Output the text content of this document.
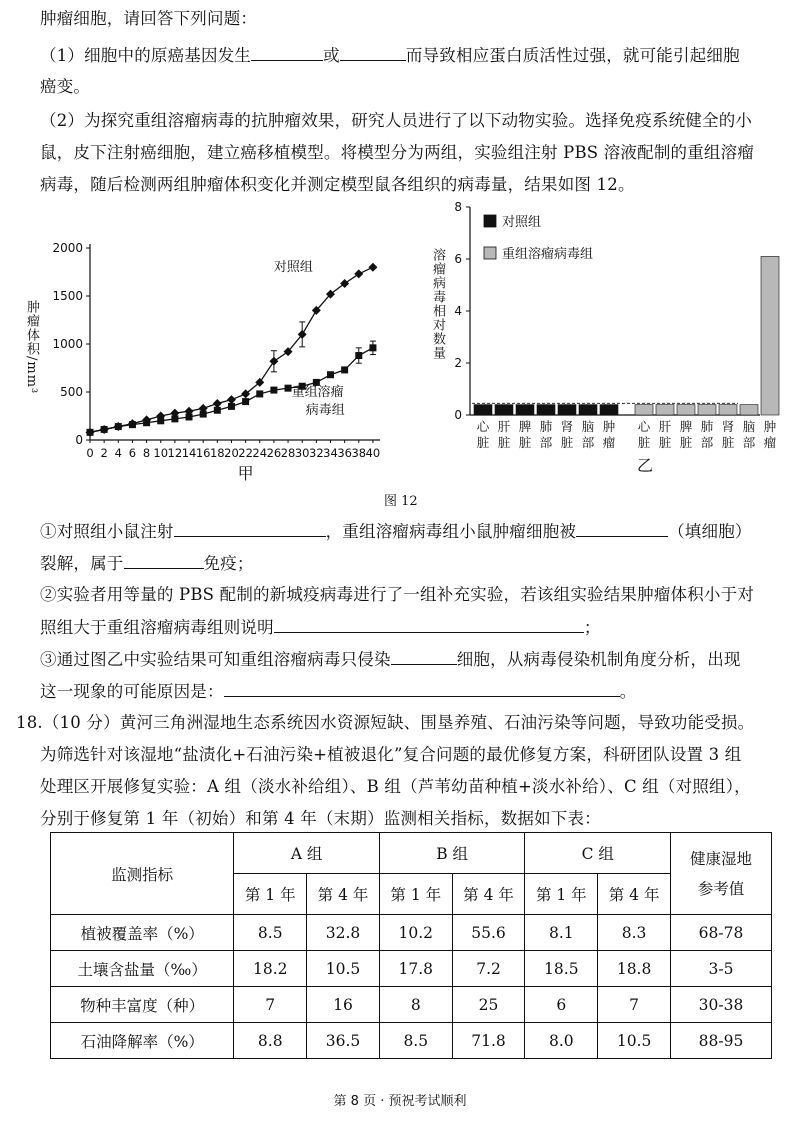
肿瘤细胞，请回答下列问题：
（1）细胞中的原癌基因发生	或	而导致相应蛋白质活性过强，就可能引起细胞
癌变。
（2）为探究重组溶瘤病毒的抗肿瘤效果，研究人员进行了以下动物实验。选择免疫系统健全的小
鼠，皮下注射癌细胞，建立癌移植模型。将模型分为两组，实验组注射 PBS 溶液配制的重组溶瘤
病毒，随后检测两组肿瘤体积变化并测定模型鼠各组织的病毒量，结果如图 12。
肿瘤体积/mm³
0
500
1000
1500
2000
0 2 4 6 8 10 12 14 16 18 20 22 24 26 28 30 32 34 36 38 40
对照组
重组溶瘤
病毒组
甲
溶瘤病毒相对数量
0
2
4
6
8
对照组
重组溶瘤病毒组
心
脏
肝
脏
脾
脏
肺
部
肾
脏
脑
部
肿
瘤
心
脏
肝
脏
脾
脏
肺
部
肾
脏
脑
部
肿
瘤
乙
图 12
①对照组小鼠注射	，重组溶瘤病毒组小鼠肿瘤细胞被	（填细胞）
裂解，属于	免疫；
②实验者用等量的 PBS 配制的新城疫病毒进行了一组补充实验，若该组实验结果肿瘤体积小于对
照组大于重组溶瘤病毒组则说明	；
③通过图乙中实验结果可知重组溶瘤病毒只侵染	细胞，从病毒侵染机制角度分析，出现
这一现象的可能原因是：	。
18.（10 分）黄河三角洲湿地生态系统因水资源短缺、围垦养殖、石油污染等问题，导致功能受损。
为筛选针对该湿地“盐渍化+石油污染+植被退化”复合问题的最优修复方案，科研团队设置 3 组
处理区开展修复实验：A 组（淡水补给组）、B 组（芦苇幼苗种植+淡水补给）、C 组（对照组），
分别于修复第 1 年（初始）和第 4 年（末期）监测相关指标，数据如下表：
监测指标	A 组		B 组		C 组		健康湿地
参考值
	第 1 年	第 4 年	第 1 年	第 4 年	第 1 年	第 4 年	
植被覆盖率（%）	8.5	32.8	10.2	55.6	8.1	8.3	68-78
土壤含盐量（‰）	18.2	10.5	17.8	7.2	18.5	18.8	3-5
物种丰富度（种）	7	16	8	25	6	7	30-38
石油降解率（%）	8.8	36.5	8.5	71.8	8.0	10.5	88-95
第 8 页 · 预祝考试顺利
